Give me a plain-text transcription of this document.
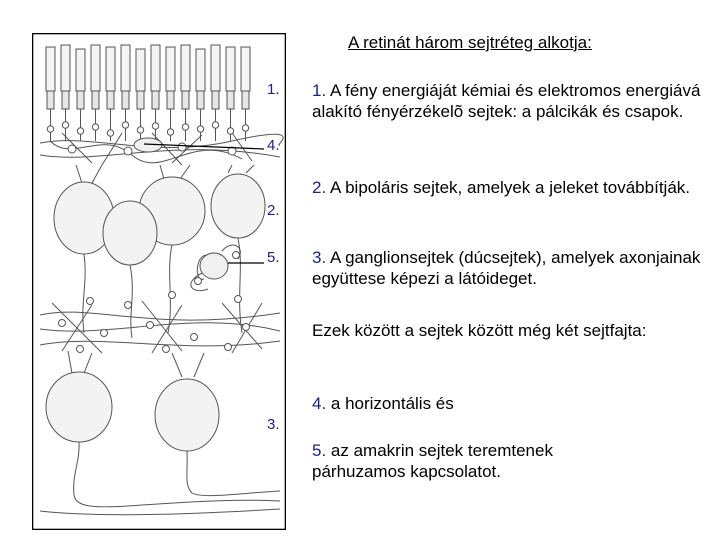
1.
4.
2.
5.
3.
A retinát három sejtréteg alkotja:
1. A fény energiáját kémiai és elektromos energiává alakító fényérzékelõ sejtek: a pálcikák és csapok.
2. A bipoláris sejtek, amelyek a jeleket továbbítják.
3. A ganglionsejtek (dúcsejtek), amelyek axonjainak együttese képezi a látóideget.
Ezek között a sejtek között még két sejtfajta:
4. a horizontális és
5. az amakrin sejtek teremtenek párhuzamos kapcsolatot.
